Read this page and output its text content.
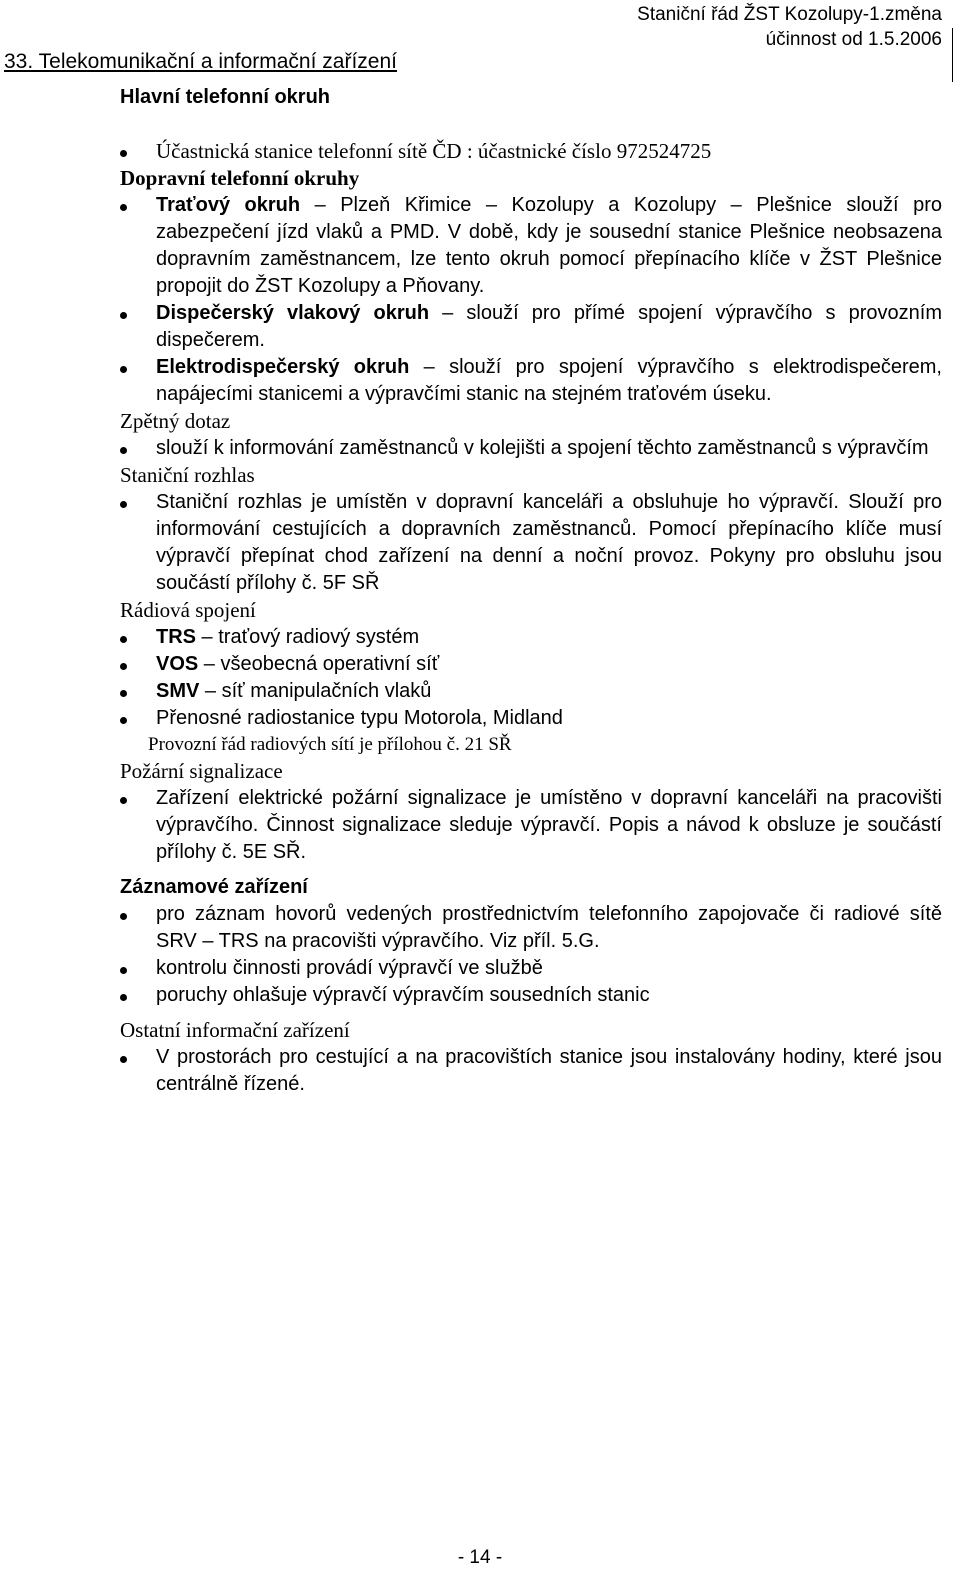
Staniční řád ŽST Kozolupy-1.změna
účinnost od 1.5.2006
33. Telekomunikační a informační zařízení
Hlavní telefonní okruh
Účastnická stanice telefonní sítě ČD : účastnické číslo 972524725
Dopravní telefonní okruhy
Traťový okruh – Plzeň Křimice – Kozolupy a Kozolupy – Plešnice slouží pro zabezpečení jízd vlaků a PMD. V době, kdy je sousední stanice Plešnice neobsazena dopravním zaměstnancem, lze tento okruh pomocí přepínacího klíče v ŽST Plešnice propojit do ŽST Kozolupy a Pňovany.
Dispečerský vlakový okruh – slouží pro přímé spojení výpravčího s provozním dispečerem.
Elektrodispečerský okruh – slouží pro spojení výpravčího s elektrodispečerem, napájecími stanicemi a výpravčími stanic na stejném traťovém úseku.
Zpětný dotaz
slouží k informování zaměstnanců v kolejišti a spojení těchto zaměstnanců s výpravčím
Staniční rozhlas
Staniční rozhlas je umístěn v dopravní kanceláři a obsluhuje ho výpravčí. Slouží pro informování cestujících a dopravních zaměstnanců. Pomocí přepínacího klíče musí výpravčí přepínat chod zařízení na denní a noční provoz. Pokyny pro obsluhu jsou součástí přílohy č. 5F SŘ
Rádiová spojení
TRS – traťový radiový systém
VOS – všeobecná operativní síť
SMV – síť manipulačních vlaků
Přenosné radiostanice typu Motorola, Midland
Provozní řád radiových sítí je přílohou č. 21 SŘ
Požární signalizace
Zařízení elektrické požární signalizace je umístěno v dopravní kanceláři na pracovišti výpravčího. Činnost signalizace sleduje výpravčí. Popis a návod k obsluze je součástí přílohy č. 5E SŘ.
Záznamové zařízení
pro záznam hovorů vedených prostřednictvím telefonního zapojovače či radiové sítě SRV – TRS na pracovišti výpravčího. Viz příl. 5.G.
kontrolu činnosti provádí výpravčí ve službě
poruchy ohlašuje výpravčí výpravčím sousedních stanic
Ostatní informační zařízení
V prostorách pro cestující a na pracovištích stanice jsou instalovány hodiny, které jsou centrálně řízené.
- 14 -
